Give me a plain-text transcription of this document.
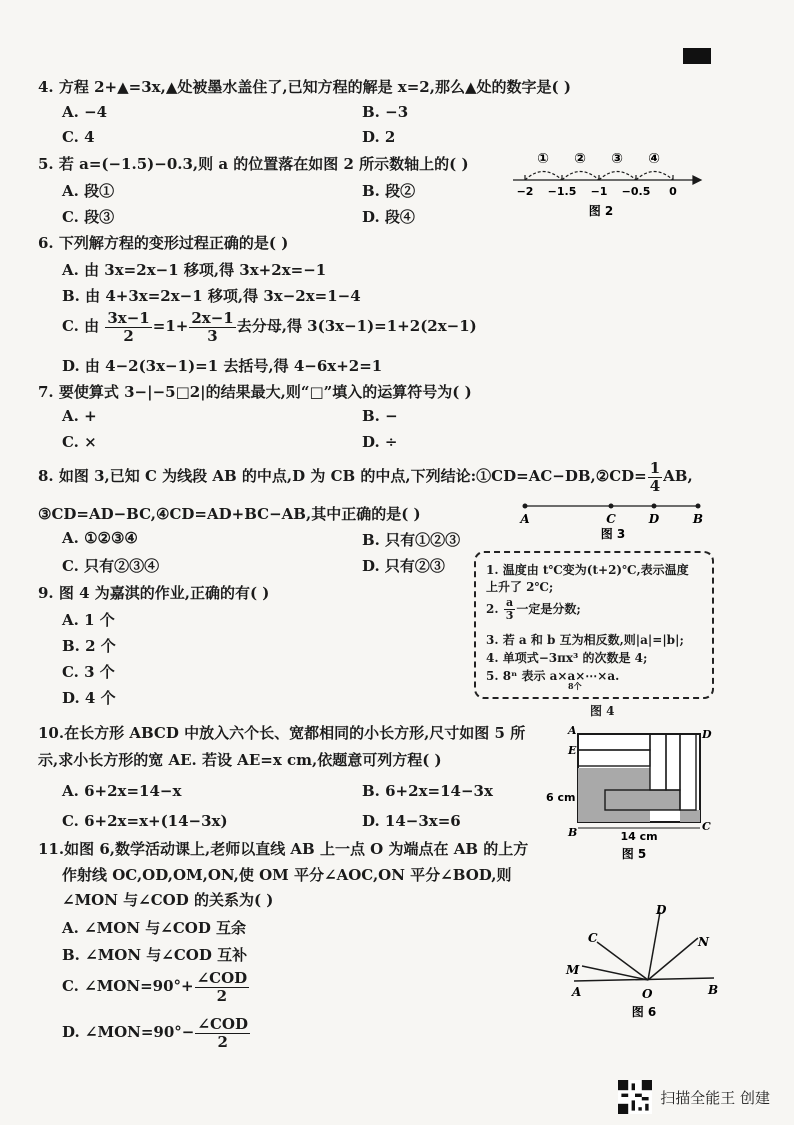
4. 方程 2+▲=3x,▲处被墨水盖住了,已知方程的解是 x=2,那么▲处的数字是( )
A. −4	B. −3
C. 4	D. 2
5. 若 a=(−1.5)−0.3,则 a 的位置落在如图 2 所示数轴上的( )
A. 段①	B. 段②
C. 段③	D. 段④
① ② ③ ④
−2 −1.5 −1 −0.5 0
图 2
6. 下列解方程的变形过程正确的是( )
A. 由 3x=2x−1 移项,得 3x+2x=−1
B. 由 4+3x=2x−1 移项,得 3x−2x=1−4
C. 由 $\frac{3x-1}{2} =1+ \frac{2x-1}{3}$ 去分母,得 3(3x−1)=1+2(2x−1)
D. 由 4−2(3x−1)=1 去括号,得 4−6x+2=1
7. 要使算式 3−|−5□2|的结果最大,则“□”填入的运算符号为( )
A. +	B. −
C. ×	D. ÷
8. 如图 3,已知 C 为线段 AB 的中点,D 为 CB 的中点,下列结论:①CD=AC−DB,②CD= $\frac{1}{4}$ AB,
③CD=AD−BC,④CD=AD+BC−AB,其中正确的是( )
A. ①②③④	B. 只有①②③
C. 只有②③④	D. 只有②③
A	C	D	B
图 3
9. 图 4 为嘉淇的作业,正确的有( )
A. 1 个
B. 2 个
C. 3 个
D. 4 个
1. 温度由 t℃变为(t+2)℃,表示温度
上升了 2℃;
2. $\frac{a}{3}$ 一定是分数;
3. 若 a 和 b 互为相反数,则|a|=|b|;
4. 单项式−3πx³ 的次数是 4;
5. 8ⁿ 表示 a×a×⋯×a.
8个
图 4
10.在长方形 ABCD 中放入六个长、宽都相同的小长方形,尺寸如图 5 所
示,求小长方形的宽 AE. 若设 AE=x cm,依题意可列方程( )
A. 6+2x=14−x	B. 6+2x=14−3x
C. 6+2x=x+(14−3x)	D. 14−3x=6
A	D
E
B	C
6 cm
14 cm
图 5
11.如图 6,数学活动课上,老师以直线 AB 上一点 O 为端点在 AB 的上方
作射线 OC,OD,OM,ON,使 OM 平分∠AOC,ON 平分∠BOD,则
∠MON 与∠COD 的关系为( )
A. ∠MON 与∠COD 互余
B. ∠MON 与∠COD 互补
C. ∠MON=90°+ $\frac{\text{∠COD}}{2}$
D. ∠MON=90°− $\frac{\text{∠COD}}{2}$
D
C	N
M
A	O	B
图 6
扫描全能王 创建
